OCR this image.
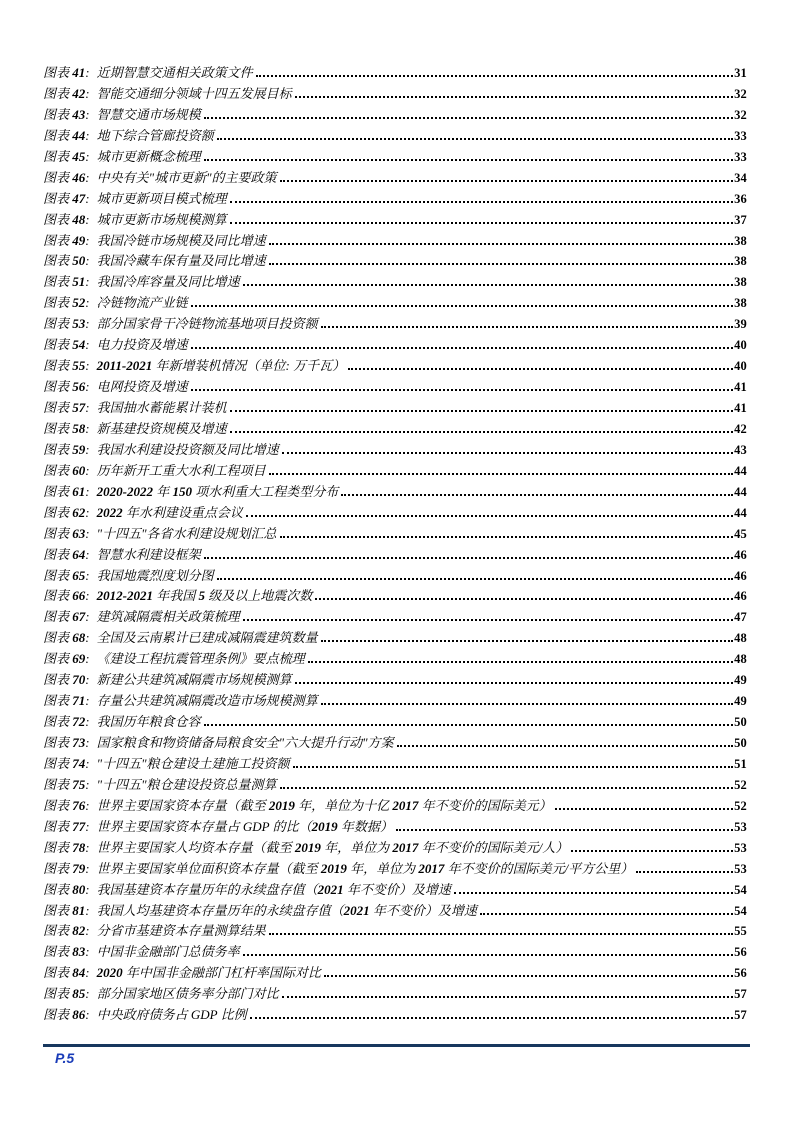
图表 41: 近期智慧交通相关政策文件	31
图表 42: 智能交通细分领域十四五发展目标	32
图表 43: 智慧交通市场规模	32
图表 44: 地下综合管廊投资额	33
图表 45: 城市更新概念梳理	33
图表 46: 中央有关"城市更新"的主要政策	34
图表 47: 城市更新项目模式梳理	36
图表 48: 城市更新市场规模测算	37
图表 49: 我国冷链市场规模及同比增速	38
图表 50: 我国冷藏车保有量及同比增速	38
图表 51: 我国冷库容量及同比增速	38
图表 52: 冷链物流产业链	38
图表 53: 部分国家骨干冷链物流基地项目投资额	39
图表 54: 电力投资及增速	40
图表 55: 2011-2021 年新增装机情况（单位: 万千瓦）	40
图表 56: 电网投资及增速	41
图表 57: 我国抽水蓄能累计装机	41
图表 58: 新基建投资规模及增速	42
图表 59: 我国水利建设投资额及同比增速	43
图表 60: 历年新开工重大水利工程项目	44
图表 61: 2020-2022 年 150 项水利重大工程类型分布	44
图表 62: 2022 年水利建设重点会议	44
图表 63: "十四五"各省水利建设规划汇总	45
图表 64: 智慧水利建设框架	46
图表 65: 我国地震烈度划分图	46
图表 66: 2012-2021 年我国 5 级及以上地震次数	46
图表 67: 建筑减隔震相关政策梳理	47
图表 68: 全国及云南累计已建成减隔震建筑数量	48
图表 69: 《建设工程抗震管理条例》要点梳理	48
图表 70: 新建公共建筑减隔震市场规模测算	49
图表 71: 存量公共建筑减隔震改造市场规模测算	49
图表 72: 我国历年粮食仓容	50
图表 73: 国家粮食和物资储备局粮食安全"六大提升行动"方案	50
图表 74: "十四五"粮仓建设土建施工投资额	51
图表 75: "十四五"粮仓建设投资总量测算	52
图表 76: 世界主要国家资本存量（截至 2019 年，单位为十亿 2017 年不变价的国际美元）	52
图表 77: 世界主要国家资本存量占 GDP 的比（2019 年数据）	53
图表 78: 世界主要国家人均资本存量（截至 2019 年，单位为 2017 年不变价的国际美元/人）	53
图表 79: 世界主要国家单位面积资本存量（截至 2019 年，单位为 2017 年不变价的国际美元/平方公里）	53
图表 80: 我国基建资本存量历年的永续盘存值（2021 年不变价）及增速	54
图表 81: 我国人均基建资本存量历年的永续盘存值（2021 年不变价）及增速	54
图表 82: 分省市基建资本存量测算结果	55
图表 83: 中国非金融部门总债务率	56
图表 84: 2020 年中国非金融部门杠杆率国际对比	56
图表 85: 部分国家地区债务率分部门对比	57
图表 86: 中央政府债务占 GDP 比例	57
P.5
